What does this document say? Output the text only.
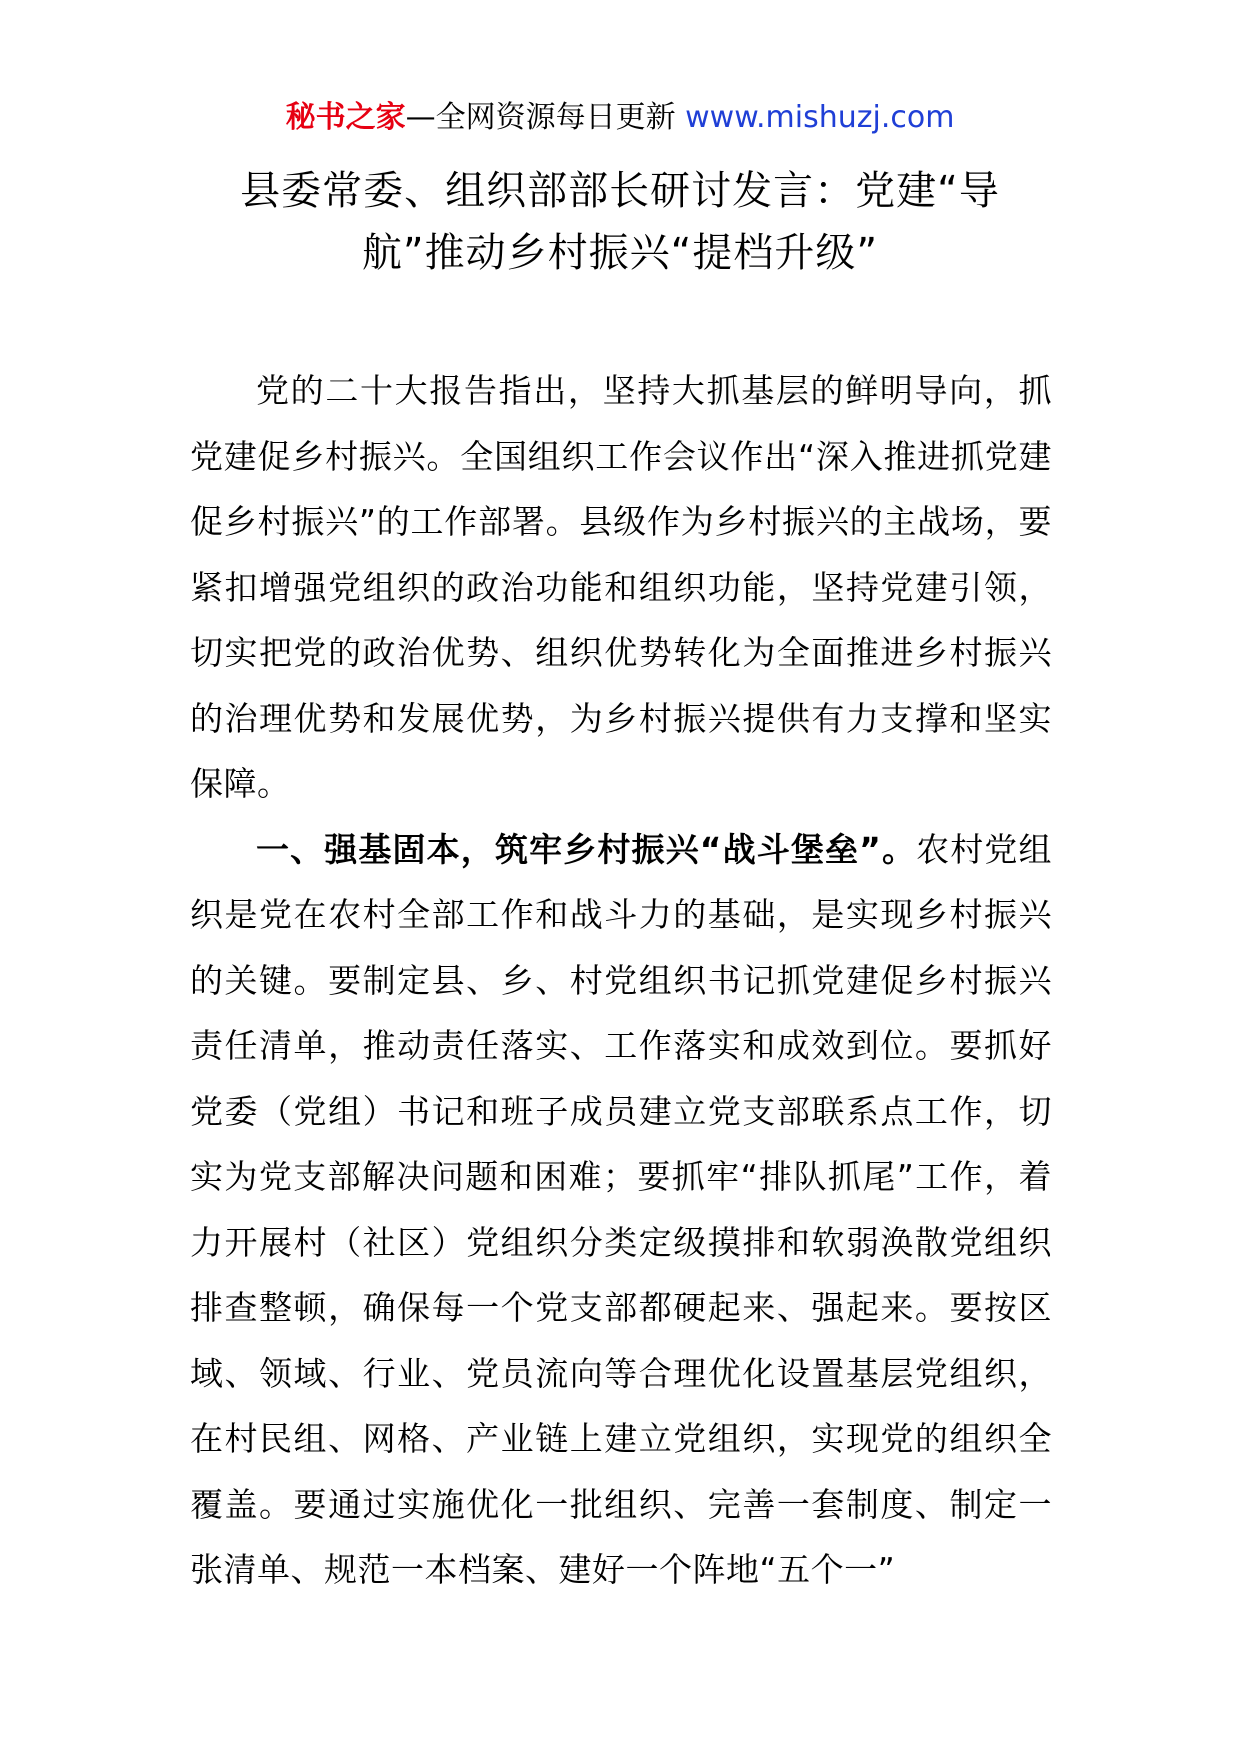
秘书之家—全网资源每日更新 www.mishuzj.com
县委常委、组织部部长研讨发言：党建“导
航”推动乡村振兴“提档升级”

党的二十大报告指出，坚持大抓基层的鲜明导向，抓党建促乡村振兴。全国组织工作会议作出“深入推进抓党建促乡村振兴”的工作部署。县级作为乡村振兴的主战场，要紧扣增强党组织的政治功能和组织功能，坚持党建引领，切实把党的政治优势、组织优势转化为全面推进乡村振兴的治理优势和发展优势，为乡村振兴提供有力支撑和坚实保障。

一、强基固本，筑牢乡村振兴“战斗堡垒”。农村党组织是党在农村全部工作和战斗力的基础，是实现乡村振兴的关键。要制定县、乡、村党组织书记抓党建促乡村振兴责任清单，推动责任落实、工作落实和成效到位。要抓好党委（党组）书记和班子成员建立党支部联系点工作，切实为党支部解决问题和困难；要抓牢“排队抓尾”工作，着力开展村（社区）党组织分类定级摸排和软弱涣散党组织排查整顿，确保每一个党支部都硬起来、强起来。要按区域、领域、行业、党员流向等合理优化设置基层党组织，在村民组、网格、产业链上建立党组织，实现党的组织全覆盖。要通过实施优化一批组织、完善一套制度、制定一张清单、规范一本档案、建好一个阵地“五个一”
